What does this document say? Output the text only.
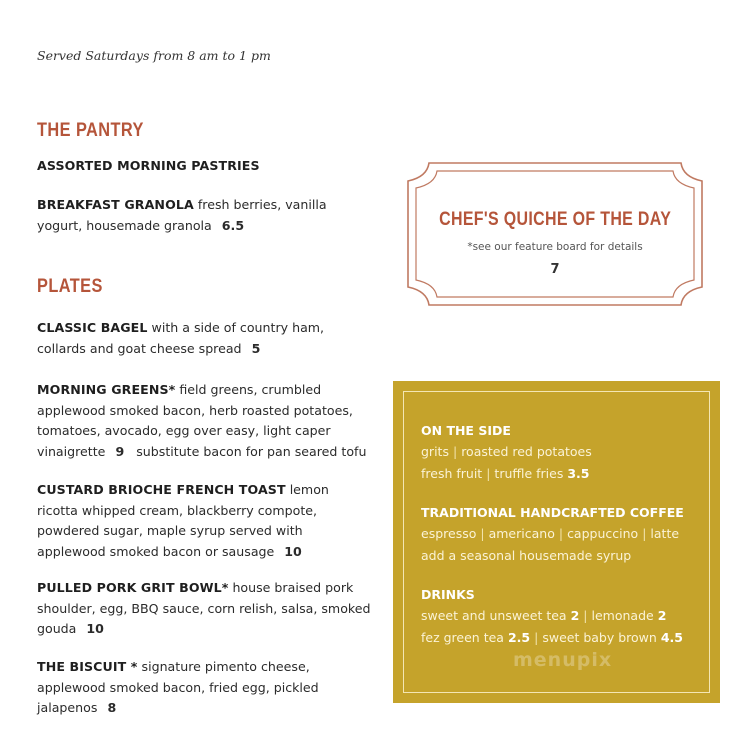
Served Saturdays from 8 am to 1 pm
THE PANTRY
ASSORTED MORNING PASTRIES
BREAKFAST GRANOLA fresh berries, vanilla yogurt, housemade granola 6.5
PLATES
CLASSIC BAGEL with a side of country ham, collards and goat cheese spread 5
MORNING GREENS* field greens, crumbled applewood smoked bacon, herb roasted potatoes, tomatoes, avocado, egg over easy, light caper vinaigrette 9 substitute bacon for pan seared tofu
CUSTARD BRIOCHE FRENCH TOAST lemon ricotta whipped cream, blackberry compote, powdered sugar, maple syrup served with applewood smoked bacon or sausage 10
PULLED PORK GRIT BOWL* house braised pork shoulder, egg, BBQ sauce, corn relish, salsa, smoked gouda 10
THE BISCUIT * signature pimento cheese, applewood smoked bacon, fried egg, pickled jalapenos 8
CHEF'S QUICHE OF THE DAY
*see our feature board for details
7
ON THE SIDE
grits | roasted red potatoes
fresh fruit | truffle fries 3.5
TRADITIONAL HANDCRAFTED COFFEE
espresso | americano | cappuccino | latte
add a seasonal housemade syrup
DRINKS
sweet and unsweet tea 2 | lemonade 2
fez green tea 2.5 | sweet baby brown 4.5
menupix
